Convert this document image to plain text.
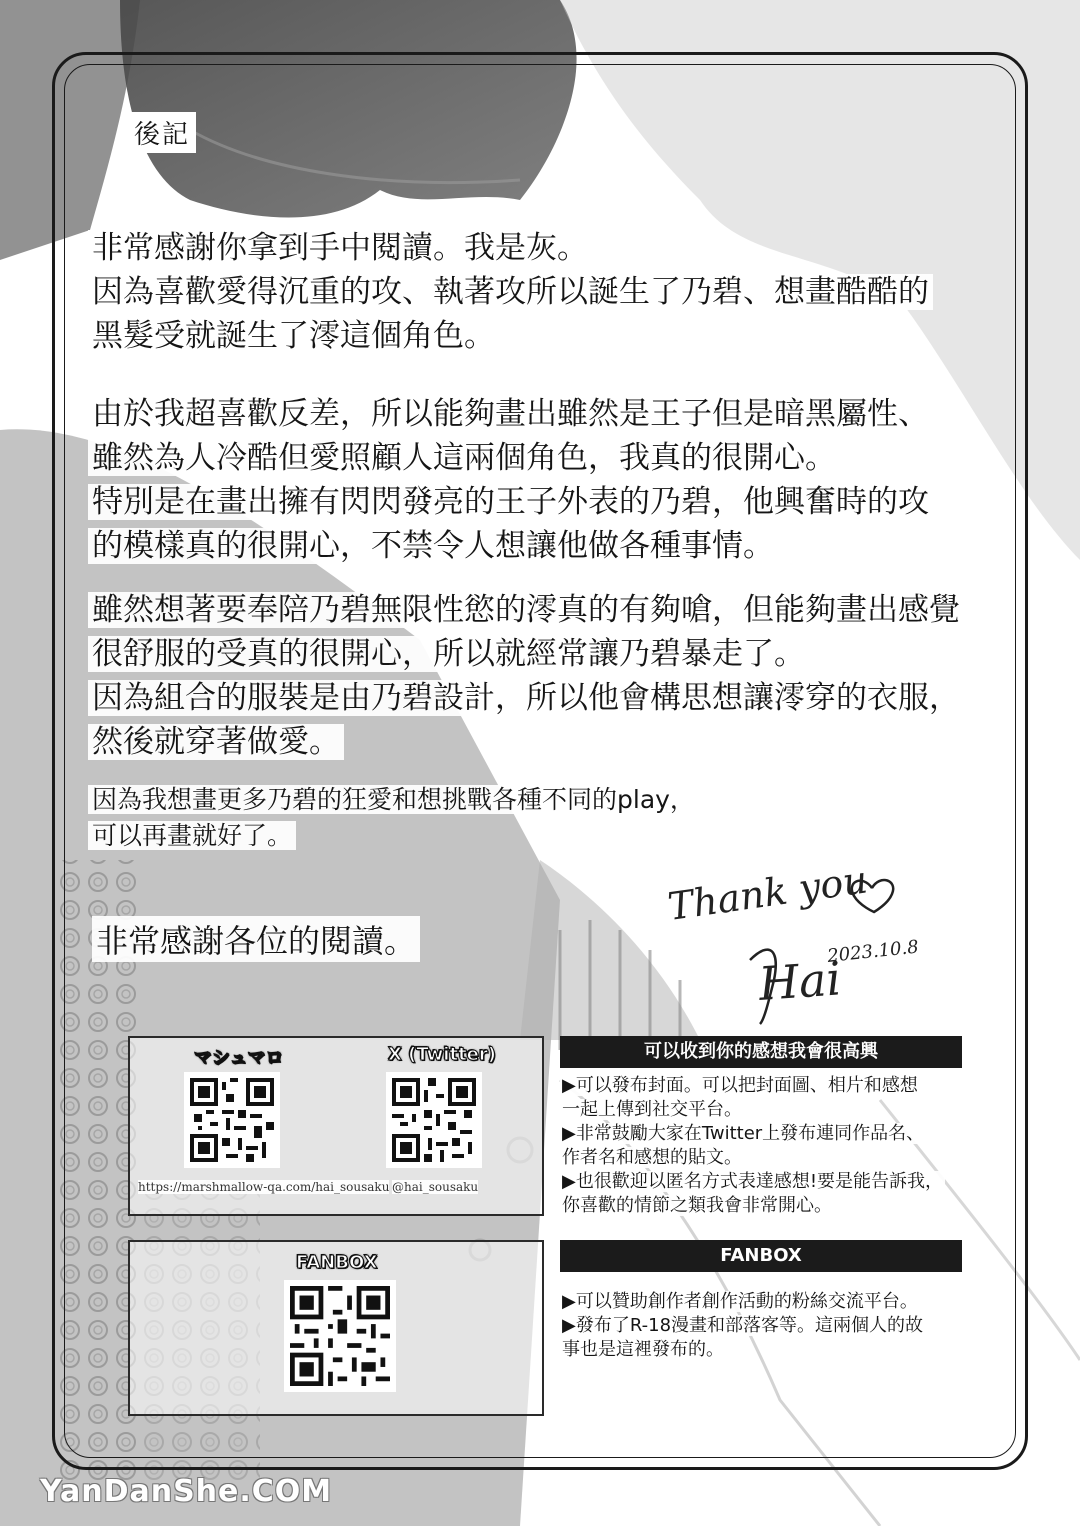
後記
非常感謝你拿到手中閱讀。我是灰。
因為喜歡愛得沉重的攻、執著攻所以誕生了乃碧、想畫酷酷的
黑髮受就誕生了澪這個角色。
由於我超喜歡反差，所以能夠畫出雖然是王子但是暗黑屬性、
雖然為人冷酷但愛照顧人這兩個角色，我真的很開心。
特別是在畫出擁有閃閃發亮的王子外表的乃碧，他興奮時的攻
的模樣真的很開心，不禁令人想讓他做各種事情。
雖然想著要奉陪乃碧無限性慾的澪真的有夠嗆，但能夠畫出感覺
很舒服的受真的很開心，所以就經常讓乃碧暴走了。
因為組合的服裝是由乃碧設計，所以他會構思想讓澪穿的衣服，
然後就穿著做愛。
因為我想畫更多乃碧的狂愛和想挑戰各種不同的play，
可以再畫就好了。
非常感謝各位的閱讀。
Thank you
2023.10.8
Hai
マシュマロ	X (Twitter)
https://marshmallow-qa.com/hai_sousaku @hai_sousaku
FANBOX
可以收到你的感想我會很高興
▶可以發布封面。可以把封面圖、相片和感想
一起上傳到社交平台。
▶非常鼓勵大家在Twitter上發布連同作品名、
作者名和感想的貼文。
▶也很歡迎以匿名方式表達感想!要是能告訴我，
你喜歡的情節之類我會非常開心。
FANBOX
▶可以贊助創作者創作活動的粉絲交流平台。
▶發布了R-18漫畫和部落客等。這兩個人的故
事也是這裡發布的。
YanDanShe.COM
